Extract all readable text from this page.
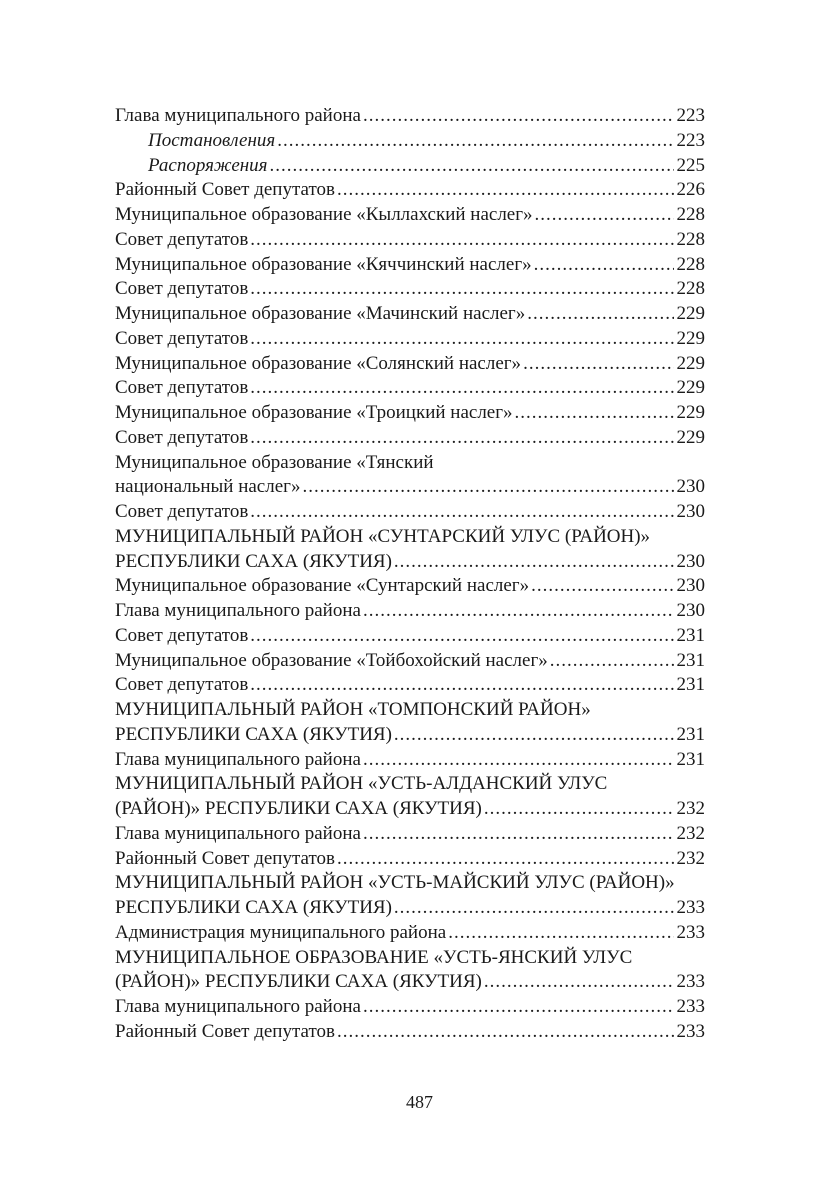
Глава муниципального района .....	223
Постановления .....	223
Распоряжения .....	225
Районный Совет депутатов .....	226
Муниципальное образование «Кыллахский наслег» .....	228
Совет депутатов .....	228
Муниципальное образование «Кяччинский наслег» .....	228
Совет депутатов .....	228
Муниципальное образование «Мачинский наслег» .....	229
Совет депутатов .....	229
Муниципальное образование «Солянский наслег» .....	229
Совет депутатов .....	229
Муниципальное образование «Троицкий наслег» .....	229
Совет депутатов .....	229
Муниципальное образование «Тянский
национальный наслег» .....	230
Совет депутатов .....	230
МУНИЦИПАЛЬНЫЙ РАЙОН «СУНТАРСКИЙ УЛУС (РАЙОН)»
РЕСПУБЛИКИ САХА (ЯКУТИЯ) .....	230
Муниципальное образование «Сунтарский наслег» .....	230
Глава муниципального района .....	230
Совет депутатов .....	231
Муниципальное образование «Тойбохойский наслег» .....	231
Совет депутатов .....	231
МУНИЦИПАЛЬНЫЙ РАЙОН «ТОМПОНСКИЙ РАЙОН»
РЕСПУБЛИКИ САХА (ЯКУТИЯ) .....	231
Глава муниципального района .....	231
МУНИЦИПАЛЬНЫЙ РАЙОН «УСТЬ-АЛДАНСКИЙ УЛУС
(РАЙОН)» РЕСПУБЛИКИ САХА (ЯКУТИЯ) .....	232
Глава муниципального района .....	232
Районный Совет депутатов .....	232
МУНИЦИПАЛЬНЫЙ РАЙОН «УСТЬ-МАЙСКИЙ УЛУС (РАЙОН)»
РЕСПУБЛИКИ САХА (ЯКУТИЯ) .....	233
Администрация муниципального района .....	233
МУНИЦИПАЛЬНОЕ ОБРАЗОВАНИЕ «УСТЬ-ЯНСКИЙ УЛУС
(РАЙОН)» РЕСПУБЛИКИ САХА (ЯКУТИЯ) .....	233
Глава муниципального района .....	233
Районный Совет депутатов .....	233
487
